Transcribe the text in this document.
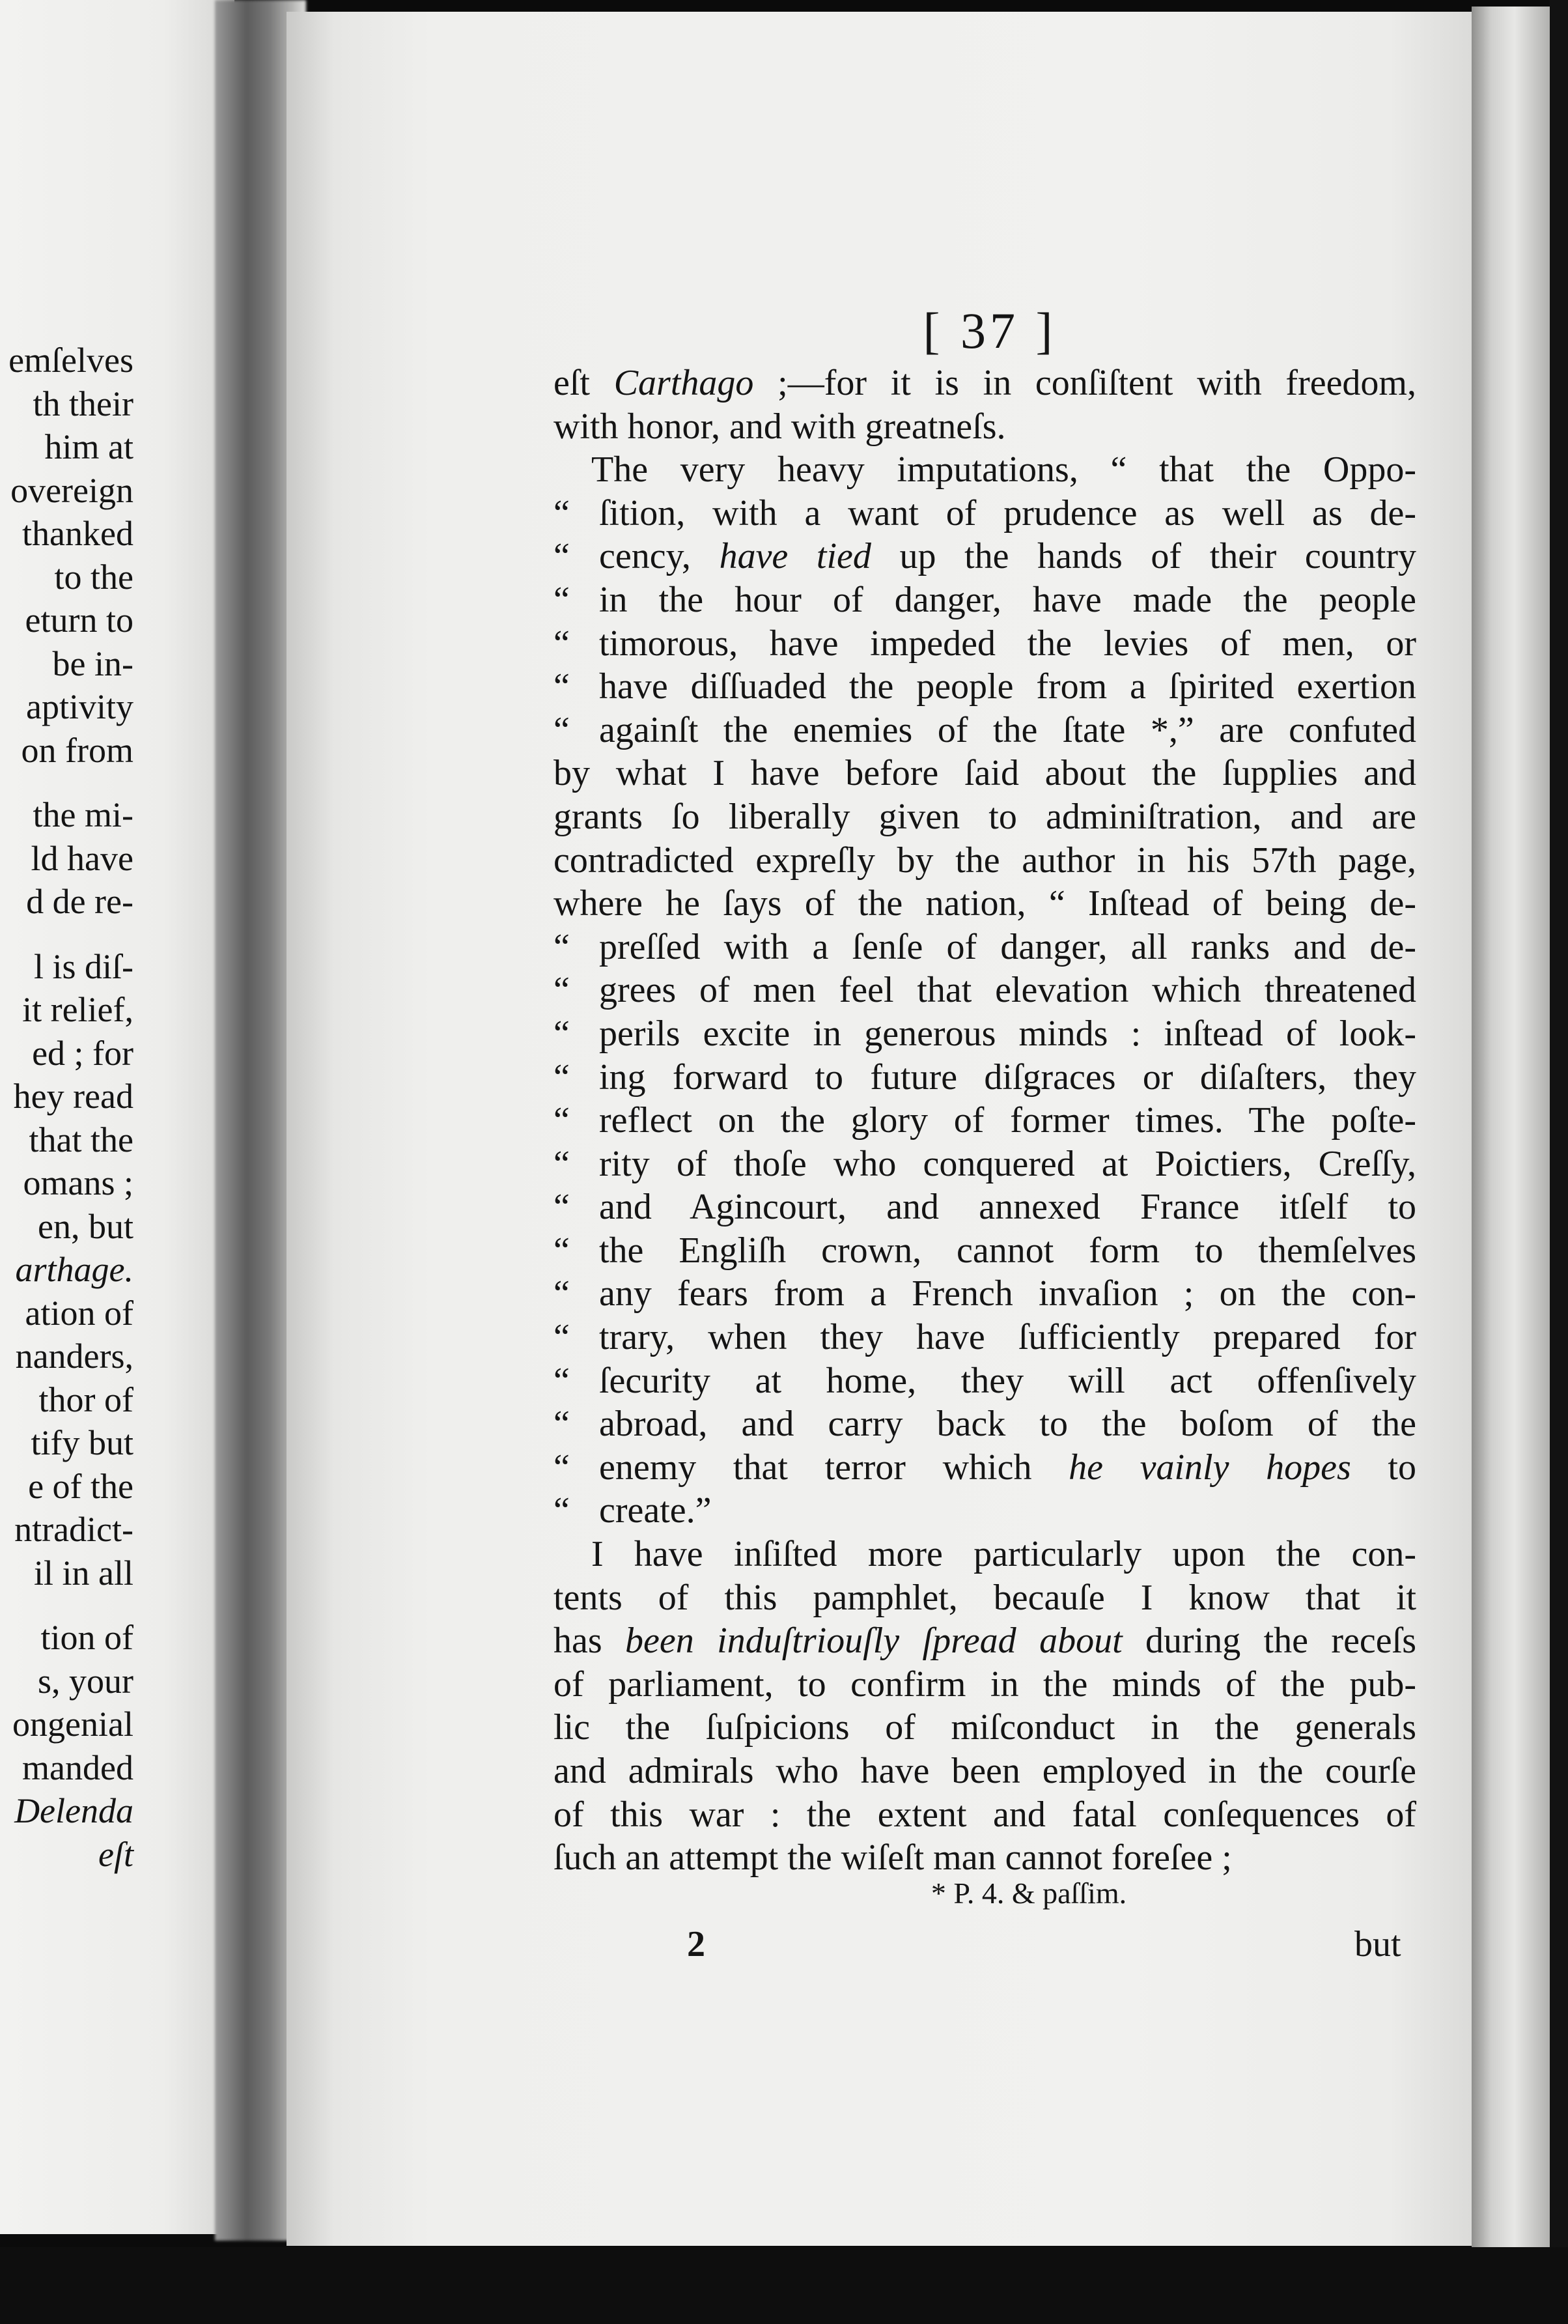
emſelves
th their
him at
overeign
thanked
to the
eturn to
be in-
aptivity
on from
the mi-
ld have
d de re-
l is diſ-
it relief,
ed ; for
hey read
that the
omans ;
en, but
arthage.
ation of
nanders,
thor of
tify but
e of the
ntradict-
il in all
tion of
s, your
ongenial
manded
Delenda
eſt
[ 37 ]
eſt Carthago ;—for it is in conſiſtent with freedom,
with honor, and with greatneſs.
The very heavy imputations, “ that the Oppo-
“ ſition, with a want of prudence as well as de-
“ cency, have tied up the hands of their country
“ in the hour of danger, have made the people
“ timorous, have impeded the levies of men, or
“ have diſſuaded the people from a ſpirited exertion
“ againſt the enemies of the ſtate *,” are confuted
by what I have before ſaid about the ſupplies and
grants ſo liberally given to adminiſtration, and are
contradicted expreſly by the author in his 57th page,
where he ſays of the nation, “ Inſtead of being de-
“ preſſed with a ſenſe of danger, all ranks and de-
“ grees of men feel that elevation which threatened
“ perils excite in generous minds : inſtead of look-
“ ing forward to future diſgraces or diſaſters, they
“ reflect on the glory of former times. The poſte-
“ rity of thoſe who conquered at Poictiers, Creſſy,
“ and Agincourt, and annexed France itſelf to
“ the Engliſh crown, cannot form to themſelves
“ any fears from a French invaſion ; on the con-
“ trary, when they have ſufficiently prepared for
“ ſecurity at home, they will act offenſively
“ abroad, and carry back to the boſom of the
“ enemy that terror which he vainly hopes to
“ create.”
I have inſiſted more particularly upon the con-
tents of this pamphlet, becauſe I know that it
has been induſtriouſly ſpread about during the receſs
of parliament, to confirm in the minds of the pub-
lic the ſuſpicions of miſconduct in the generals
and admirals who have been employed in the courſe
of this war : the extent and fatal conſequences of
ſuch an attempt the wiſeſt man cannot foreſee ;
* P. 4. & paſſim.
2	but
